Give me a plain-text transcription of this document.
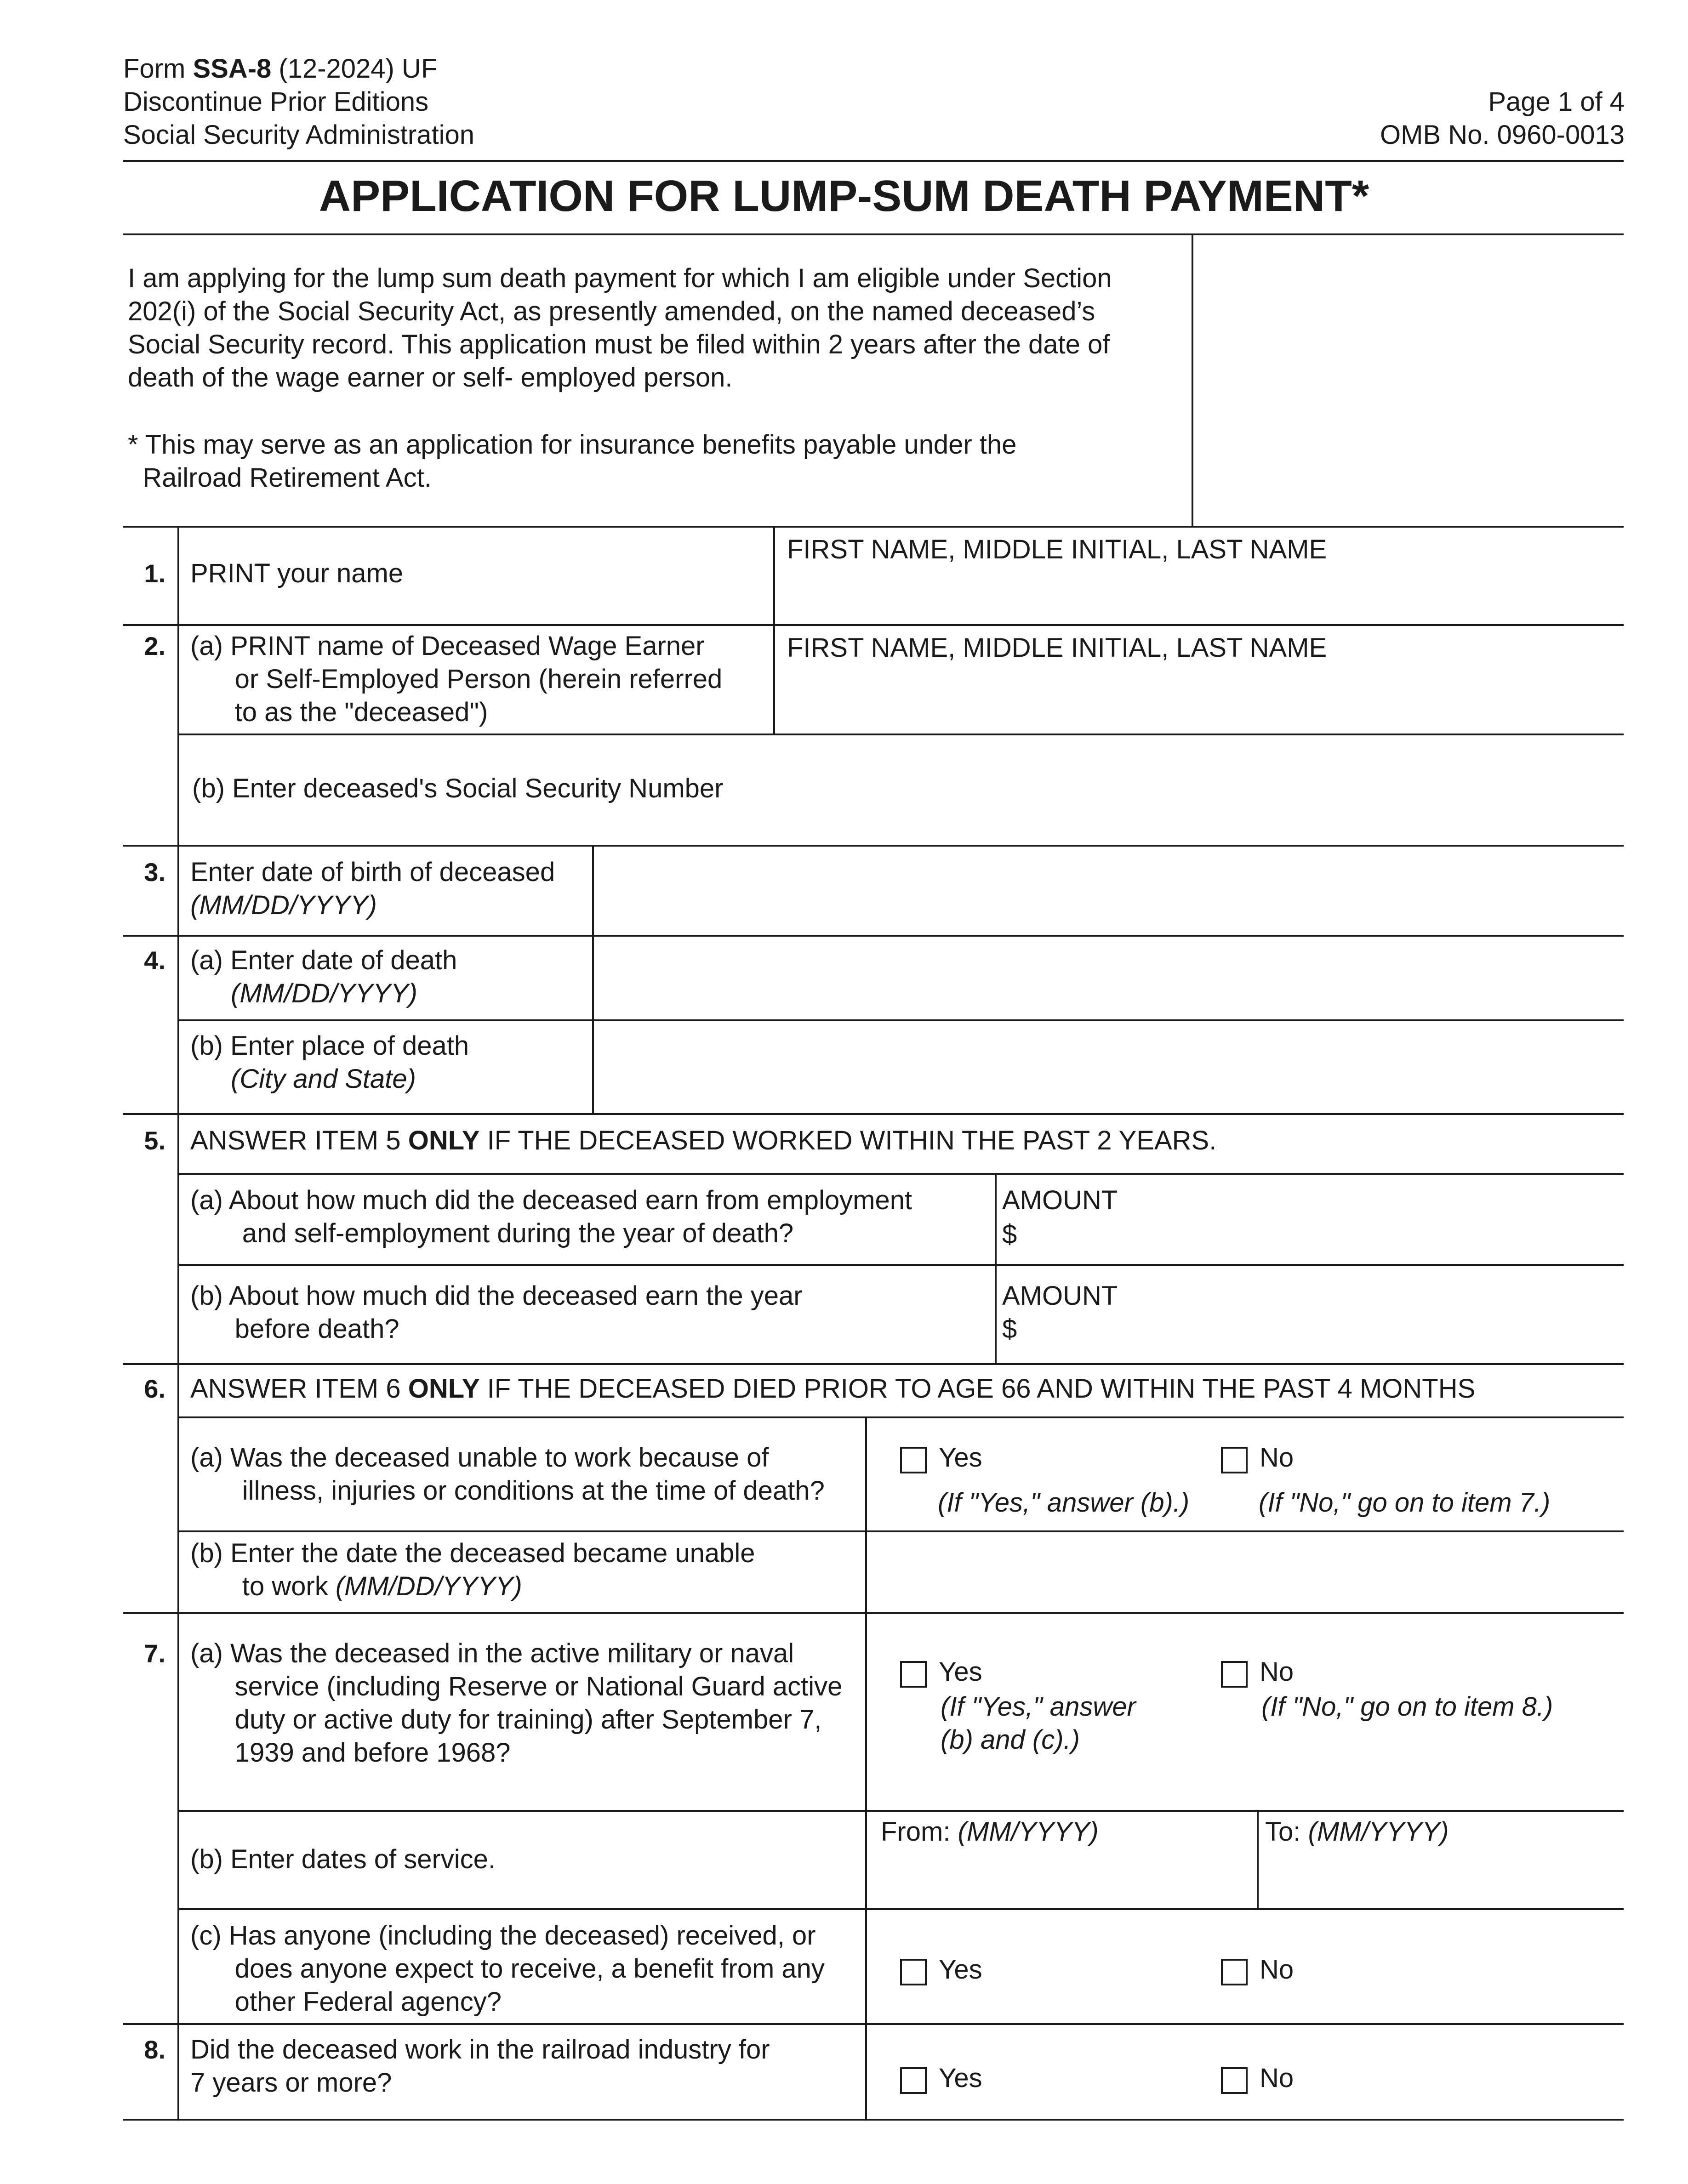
Form SSA-8 (12-2024) UF
Discontinue Prior Editions
Social Security Administration
Page 1 of 4
OMB No. 0960-0013
APPLICATION FOR LUMP-SUM DEATH PAYMENT*
I am applying for the lump sum death payment for which I am eligible under Section
202(i) of the Social Security Act, as presently amended, on the named deceased’s
Social Security record. This application must be filed within 2 years after the date of
death of the wage earner or self- employed person.
* This may serve as an application for insurance benefits payable under the
Railroad Retirement Act.
1. PRINT your name
FIRST NAME, MIDDLE INITIAL, LAST NAME
2. (a) PRINT name of Deceased Wage Earner
or Self-Employed Person (herein referred
to as the "deceased")
FIRST NAME, MIDDLE INITIAL, LAST NAME
(b) Enter deceased's Social Security Number
3. Enter date of birth of deceased
(MM/DD/YYYY)
4. (a) Enter date of death
(MM/DD/YYYY)
(b) Enter place of death
(City and State)
5. ANSWER ITEM 5 ONLY IF THE DECEASED WORKED WITHIN THE PAST 2 YEARS.
(a) About how much did the deceased earn from employment
and self-employment during the year of death?
AMOUNT
$
(b) About how much did the deceased earn the year
before death?
AMOUNT
$
6. ANSWER ITEM 6 ONLY IF THE DECEASED DIED PRIOR TO AGE 66 AND WITHIN THE PAST 4 MONTHS
(a) Was the deceased unable to work because of
illness, injuries or conditions at the time of death?
Yes	No
(If "Yes," answer (b).)	(If "No," go on to item 7.)
(b) Enter the date the deceased became unable
to work (MM/DD/YYYY)
7. (a) Was the deceased in the active military or naval
service (including Reserve or National Guard active
duty or active duty for training) after September 7,
1939 and before 1968?
Yes	No
(If "Yes," answer
(b) and (c).)
(If "No," go on to item 8.)
(b) Enter dates of service.
From: (MM/YYYY)	To: (MM/YYYY)
(c) Has anyone (including the deceased) received, or
does anyone expect to receive, a benefit from any
other Federal agency?
Yes	No
8. Did the deceased work in the railroad industry for
7 years or more?	Yes	No
